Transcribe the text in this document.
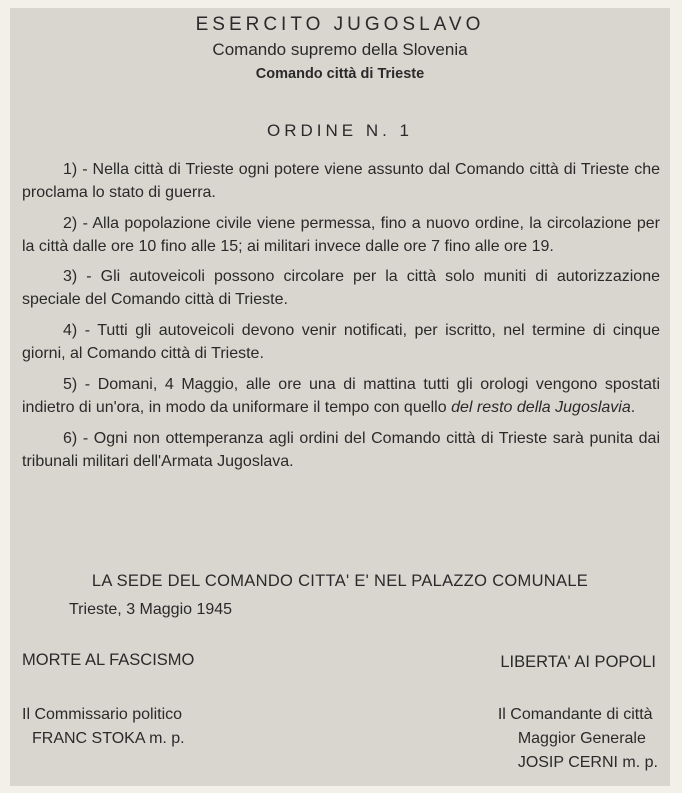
ESERCITO JUGOSLAVO
Comando supremo della Slovenia
Comando città di Trieste
ORDINE N. 1

1) - Nella città di Trieste ogni potere viene assunto dal Comando città di Trieste che proclama lo stato di guerra.

2) - Alla popolazione civile viene permessa, fino a nuovo ordine, la circolazione per la città dalle ore 10 fino alle 15; ai militari invece dalle ore 7 fino alle ore 19.

3) - Gli autoveicoli possono circolare per la città solo muniti di autorizzazione speciale del Comando città di Trieste.

4) - Tutti gli autoveicoli devono venir notificati, per iscritto, nel termine di cinque giorni, al Comando città di Trieste.

5) - Domani, 4 Maggio, alle ore una di mattina tutti gli orologi vengono spostati indietro di un'ora, in modo da uniformare il tempo con quello del resto della Jugoslavia.

6) - Ogni non ottemperanza agli ordini del Comando città di Trieste sarà punita dai tribunali militari dell'Armata Jugoslava.

LA SEDE DEL COMANDO CITTA' E' NEL PALAZZO COMUNALE
Trieste, 3 Maggio 1945
MORTE AL FASCISMO	LIBERTA' AI POPOLI
Il Commissario politico
FRANC STOKA m. p.
Il Comandante di città
Maggior Generale
JOSIP CERNI m. p.
